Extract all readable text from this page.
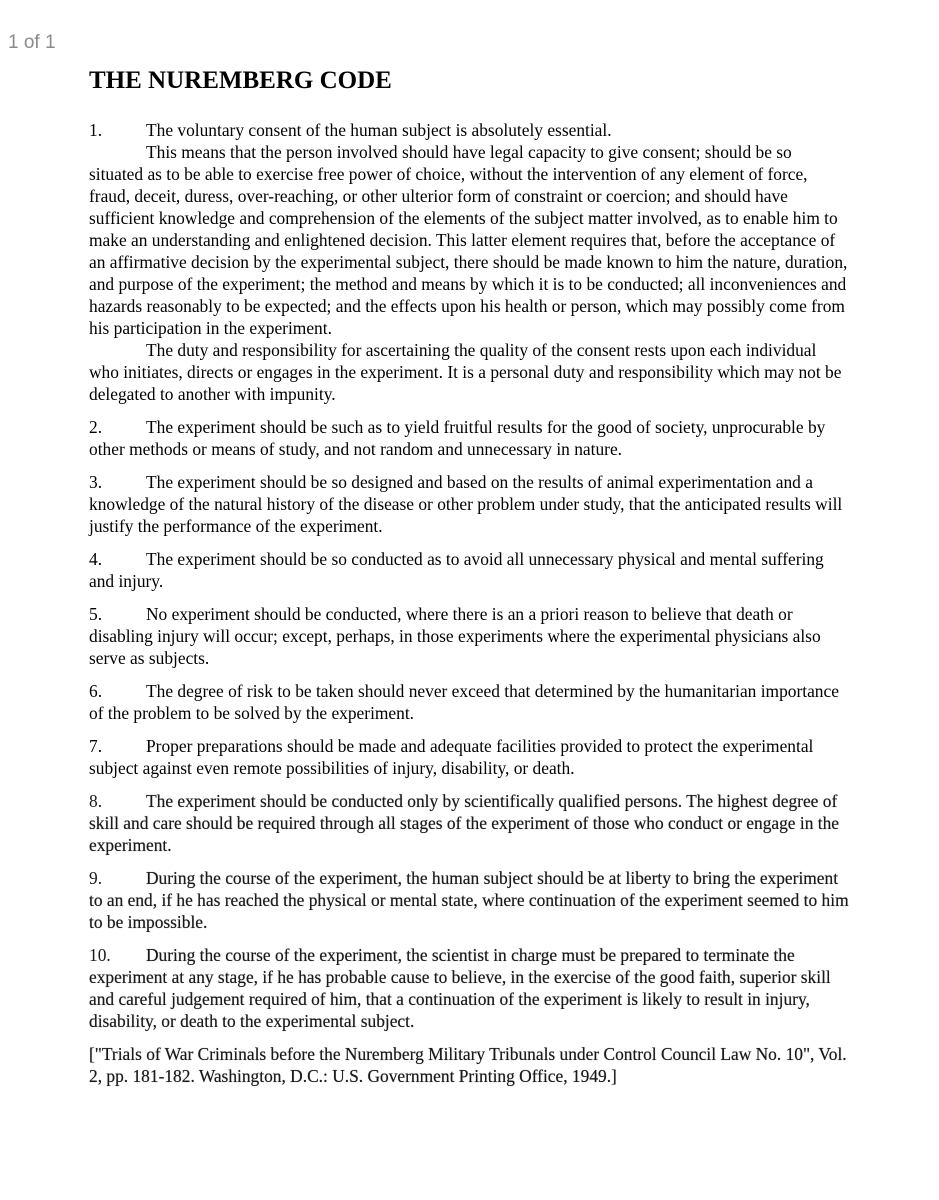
1 of 1
THE NUREMBERG CODE

1.	The voluntary consent of the human subject is absolutely essential.

This means that the person involved should have legal capacity to give consent; should be so situated as to be able to exercise free power of choice, without the intervention of any element of force, fraud, deceit, duress, over-reaching, or other ulterior form of constraint or coercion; and should have sufficient knowledge and comprehension of the elements of the subject matter involved, as to enable him to make an understanding and enlightened decision. This latter element requires that, before the acceptance of an affirmative decision by the experimental subject, there should be made known to him the nature, duration, and purpose of the experiment; the method and means by which it is to be conducted; all inconveniences and hazards reasonably to be expected; and the effects upon his health or person, which may possibly come from his participation in the experiment.

The duty and responsibility for ascertaining the quality of the consent rests upon each individual who initiates, directs or engages in the experiment. It is a personal duty and responsibility which may not be delegated to another with impunity.

2.	The experiment should be such as to yield fruitful results for the good of society, unprocurable by other methods or means of study, and not random and unnecessary in nature.

3.	The experiment should be so designed and based on the results of animal experimentation and a knowledge of the natural history of the disease or other problem under study, that the anticipated results will justify the performance of the experiment.

4.	The experiment should be so conducted as to avoid all unnecessary physical and mental suffering and injury.

5.	No experiment should be conducted, where there is an a priori reason to believe that death or disabling injury will occur; except, perhaps, in those experiments where the experimental physicians also serve as subjects.

6.	The degree of risk to be taken should never exceed that determined by the humanitarian importance of the problem to be solved by the experiment.

7.	Proper preparations should be made and adequate facilities provided to protect the experimental subject against even remote possibilities of injury, disability, or death.

8.	The experiment should be conducted only by scientifically qualified persons. The highest degree of skill and care should be required through all stages of the experiment of those who conduct or engage in the experiment.

9.	During the course of the experiment, the human subject should be at liberty to bring the experiment to an end, if he has reached the physical or mental state, where continuation of the experiment seemed to him to be impossible.

10. During the course of the experiment, the scientist in charge must be prepared to terminate the experiment at any stage, if he has probable cause to believe, in the exercise of the good faith, superior skill and careful judgement required of him, that a continuation of the experiment is likely to result in injury, disability, or death to the experimental subject.

["Trials of War Criminals before the Nuremberg Military Tribunals under Control Council Law No. 10", Vol. 2, pp. 181-182. Washington, D.C.: U.S. Government Printing Office, 1949.]
